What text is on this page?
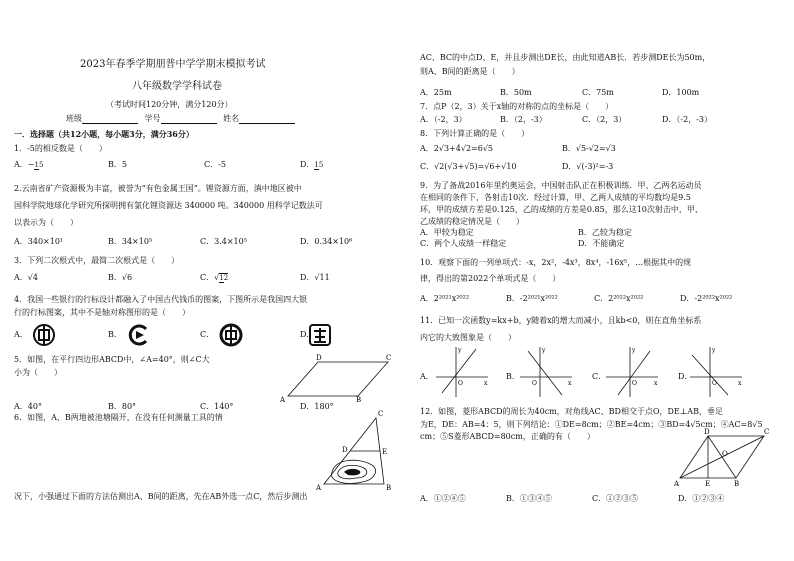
2023年春季学期朋普中学学期末模拟考试
八年级数学学科试卷
（考试时间120分钟，满分120分）
班级	学号	姓名
一．选择题（共12小题，每小题3分，满分36分）
1．-5的相反数是（　　）
A．−15	B．5	C．-5	D．15
2.云南省矿产资源极为丰富，被誉为“有色金属王国”。锂资源方面，滇中地区被中
国科学院地球化学研究所探明拥有氯化锂资源达 340000 吨。340000 用科学记数法可
以表示为（　　）
A．340×10¹	B．34×10⁵	C．3.4×10⁵	D．0.34×10⁶
3．下列二次根式中，最简二次根式是（　　）
A．√4	B．√6	C．√12	D．√11
4．我国一些银行的行标设计都融入了中国古代钱币的图案，下图所示是我国四大银
行的行标图案，其中不是轴对称图形的是（　　）
A．	B．	C．	D．
5．如图，在平行四边形ABCD中，∠A=40°，则∠C大
小为（　　）
D	C
A	B
A．40°	B．80°	C．140°	D．180°
6．如图，A、B两地被池塘隔开，在没有任何测量工具的情	C
D	E
A	B
况下，小强通过下面的方法估测出A、B间的距离，先在AB外选一点C，然后步测出
AC、BC的中点D、E，并且步测出DE长，由此知道AB长．若步测DE长为50m，
则A、B间的距离是（　　）
A．25m	B．50m	C．75m	D．100m
7．点P（2，3）关于x轴的对称的点的坐标是（　　）
A．（-2，3）	B．（2，-3）	C．（2，3）	D．（-2，-3）
8．下列计算正确的是（　　）
A．2√3+4√2=6√5	B．√5-√2=√3
C．√2(√3+√5)=√6+√10	D．√(-3)²=-3
9．为了备战2016年里约奥运会，中国射击队正在积极训练．甲、乙两名运动员
在相同的条件下，各射击10次．经过计算，甲、乙两人成绩的平均数均是9.5
环，甲的成绩方差是0.125，乙的成绩的方差是0.85，那么这10次射击中，甲、
乙成绩的稳定情况是（　　）
A．甲较为稳定	B．乙较为稳定
C．两个人成绩一样稳定	D．不能确定
10．观察下面的一列单项式：-x，2x²，-4x³，8x⁴，-16x⁵，…根据其中的规
律，得出的第2022个单项式是（　　）
A．2²⁰²¹x²⁰²²	B．-2²⁰²¹x²⁰²²	C．2²⁰²²x²⁰²²	D．-2²⁰²²x²⁰²²
11．已知一次函数y=kx+b，y随着x的增大而减小，且kb<0，则在直角坐标系
内它的大致图象是（　　）
A．	B．	C．	D．
O	x
y
O	x
y
O	x
y
O	x
y
12．如图，菱形ABCD的周长为40cm，对角线AC、BD相交于点O，DE⊥AB，垂足
为E，DE：AB=4：5，则下列结论：①DE=8cm；②BE=4cm；③BD=4√5cm；④AC=8√5
cm；⑤S菱形ABCD=80cm，正确的有（　　）	D	C
O
A	E	B
A．①②④⑤	B．①③④⑤	C．①②③⑤	D．①②③④
